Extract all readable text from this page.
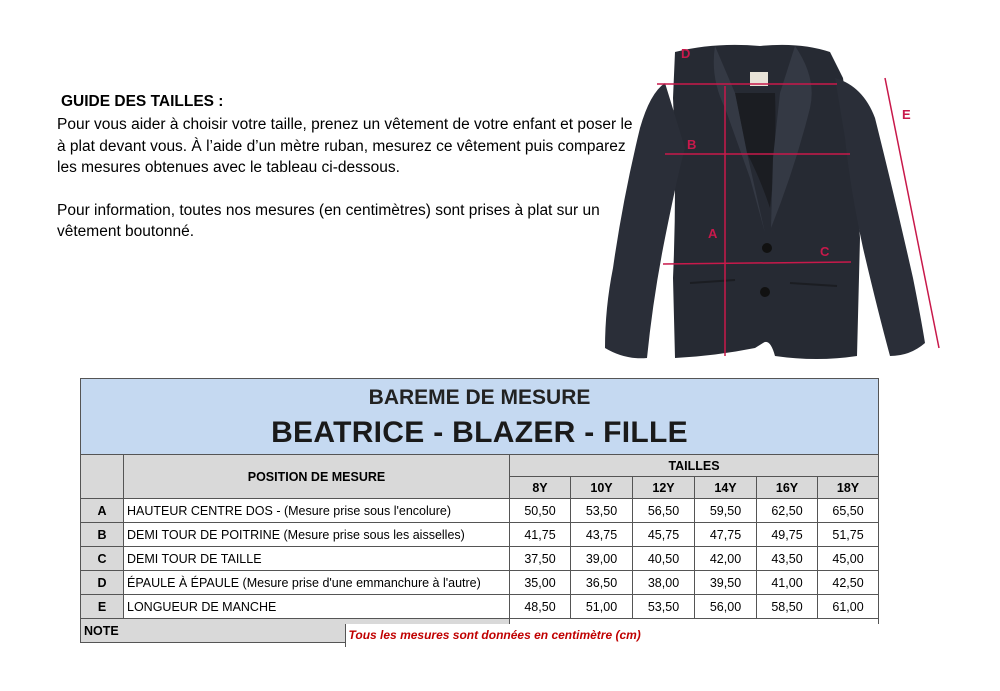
GUIDE DES TAILLES :

Pour vous aider à choisir votre taille, prenez un vêtement de votre enfant et poser le à plat devant vous. À l’aide d’un mètre ruban, mesurez ce vêtement puis comparez les mesures obtenues avec le tableau ci-dessous.

Pour information, toutes nos mesures (en centimètres) sont prises à plat sur un vêtement boutonné.

D
B
A
C
E
BAREME DE MESURE
BEATRICE - BLAZER - FILLE							

	POSITION DE MESURE	TAILLES					
		8Y	10Y	12Y	14Y	16Y	18Y
A	HAUTEUR CENTRE DOS - (Mesure prise sous l'encolure)	50,50	53,50	56,50	59,50	62,50	65,50
B	DEMI TOUR DE POITRINE (Mesure prise sous les aisselles)	41,75	43,75	45,75	47,75	49,75	51,75
C	DEMI TOUR DE TAILLE	37,50	39,00	40,50	42,00	43,50	45,00
D	ÉPAULE À ÉPAULE (Mesure prise d'une emmanchure à l'autre)	35,00	36,50	38,00	39,50	41,00	42,50
E	LONGUEUR DE MANCHE	48,50	51,00	53,50	56,00	58,50	61,00
NOTE Tous les mesures sont données en centimètre (cm)							
